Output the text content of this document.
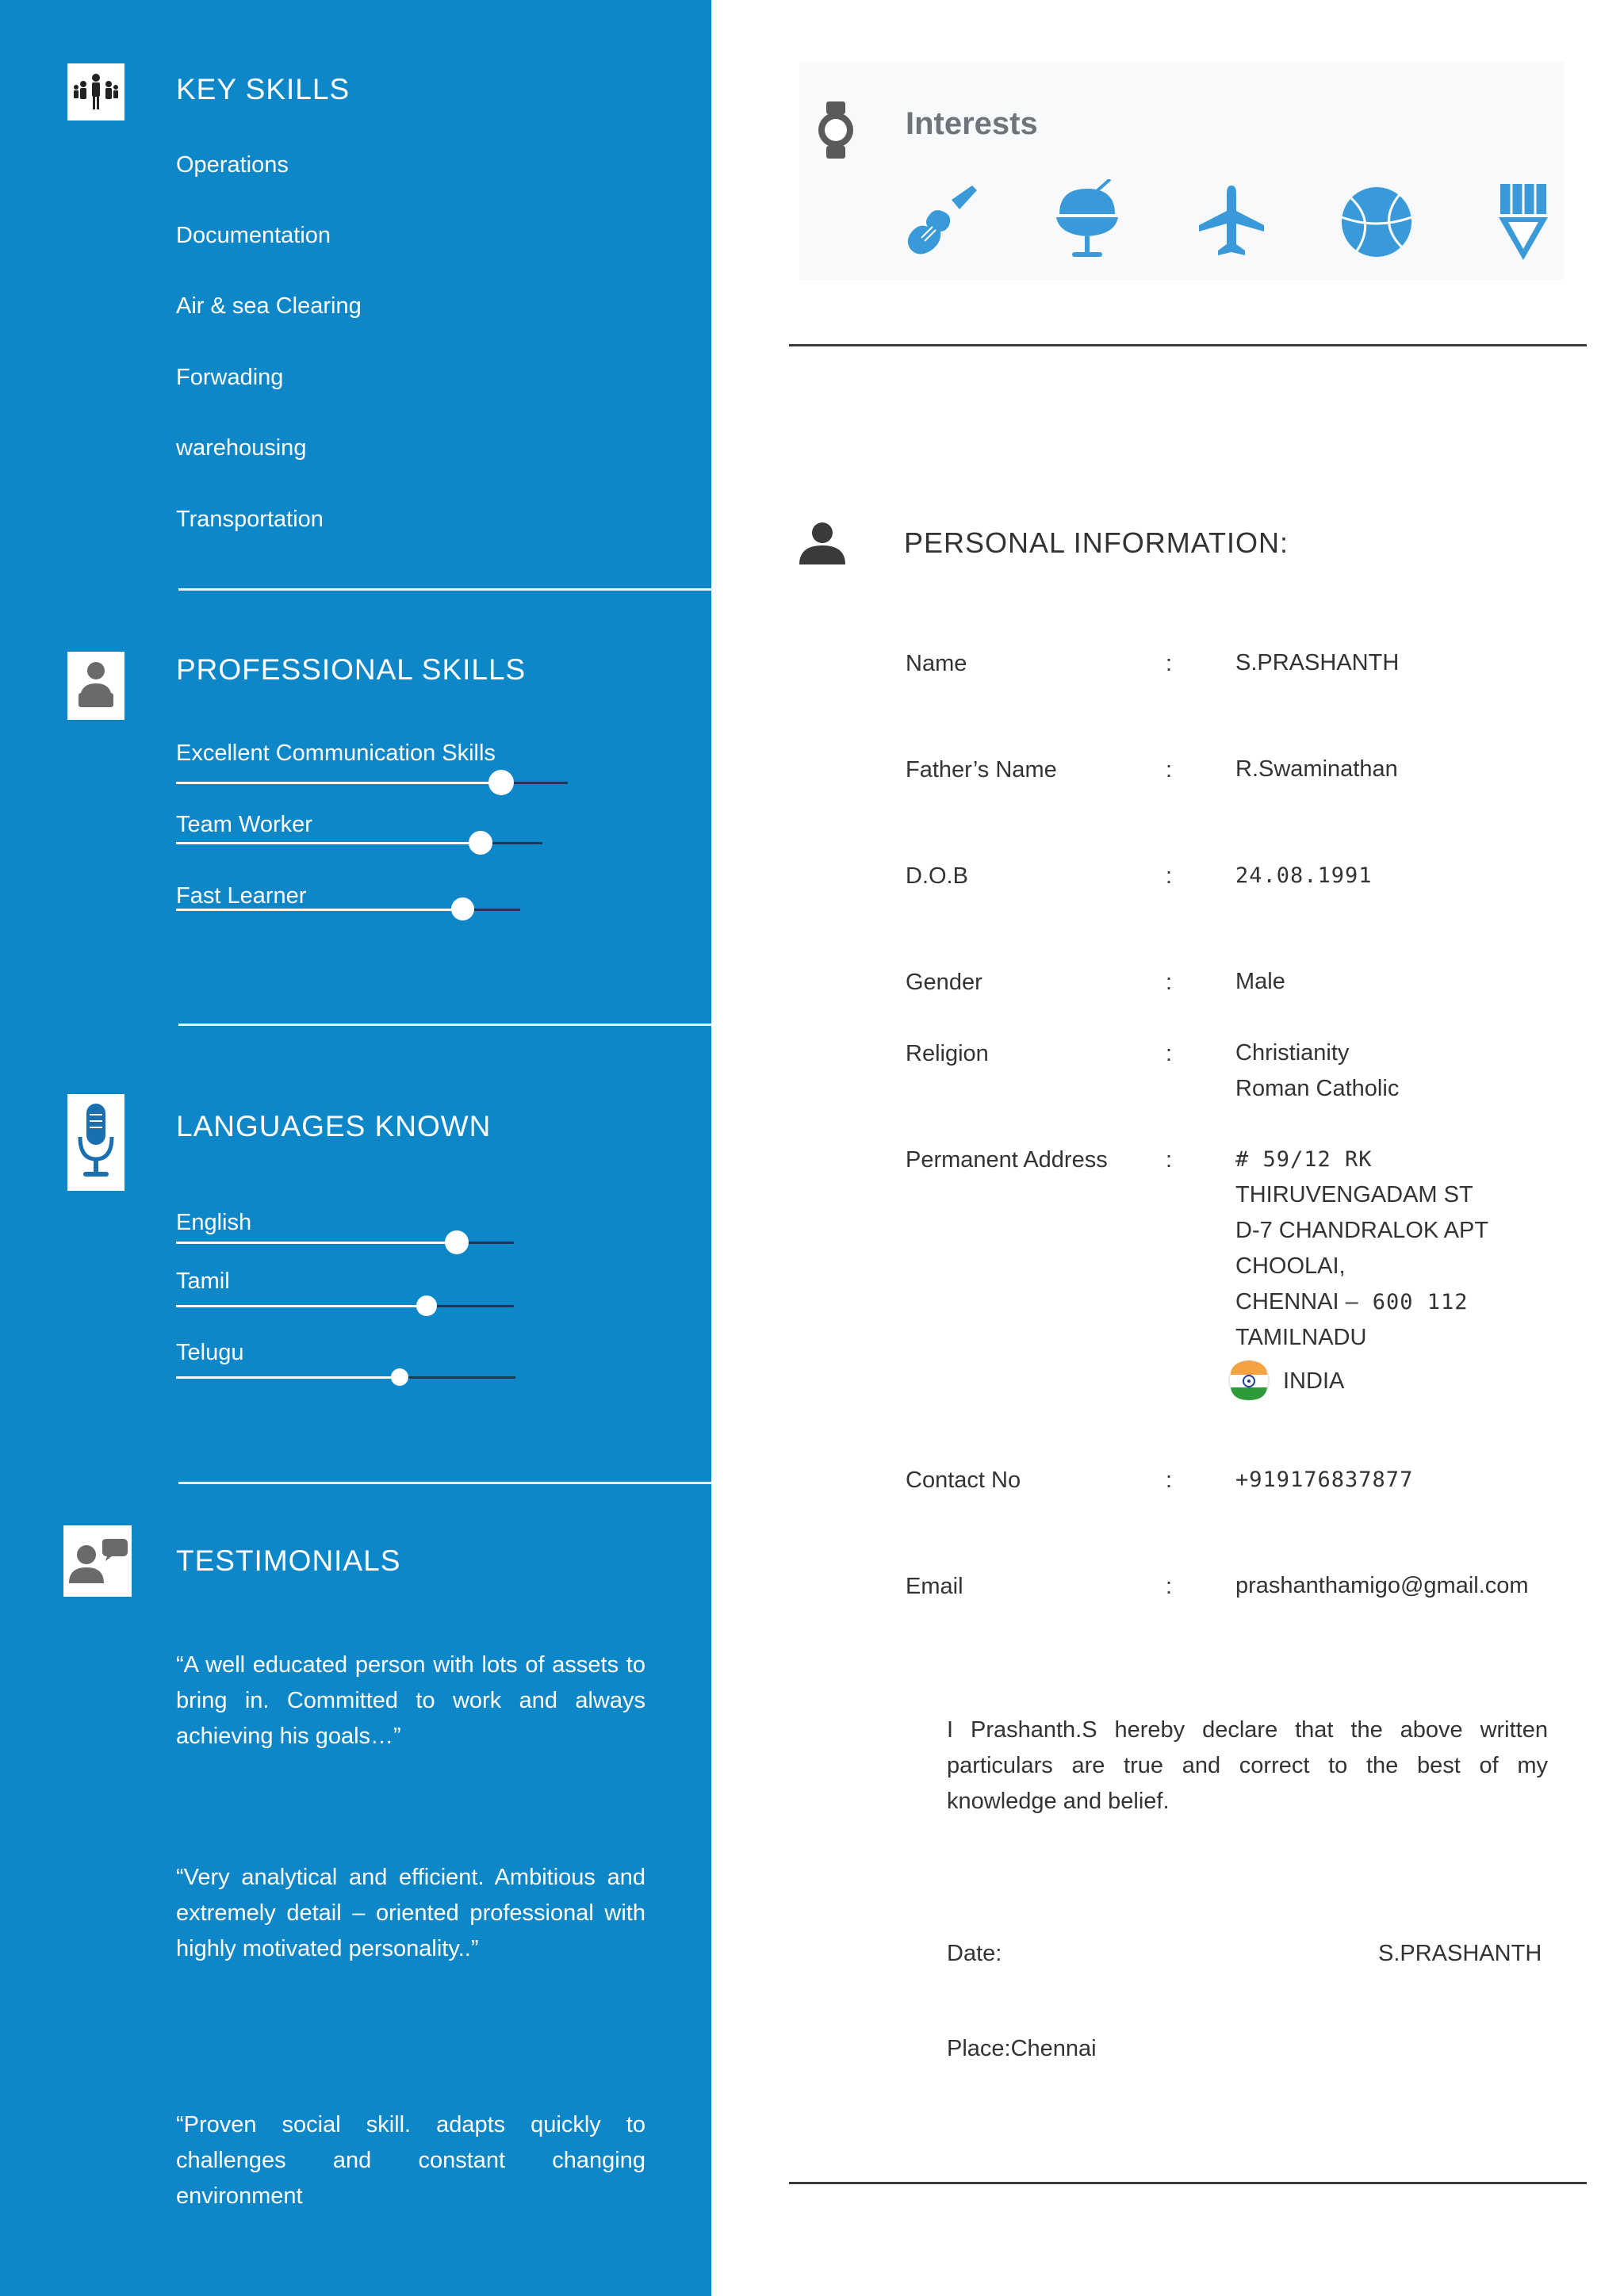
KEY SKILLS
Operations
Documentation
Air & sea Clearing
Forwading
warehousing
Transportation
PROFESSIONAL SKILLS
Excellent Communication Skills
Team Worker
Fast Learner
LANGUAGES KNOWN
English
Tamil
Telugu
TESTIMONIALS
“A well educated person with lots of assets to bring in. Committed to work and always achieving his goals…”
“Very analytical and efficient. Ambitious and extremely detail – oriented professional with highly motivated personality..”
“Proven social skill. adapts quickly to challenges and constant changing environment
Interests
PERSONAL INFORMATION:
Name	:	S.PRASHANTH
Father’s Name	:	R.Swaminathan
D.O.B	:	24.08.1991
Gender	:	Male
Religion	:	Christianity
Roman Catholic
Permanent Address	:	# 59/12 RK
THIRUVENGADAM ST
D-7 CHANDRALOK APT
CHOOLAI,
CHENNAI – 600 112
TAMILNADU
INDIA
Contact No	:	+919176837877
Email	:	prashanthamigo@gmail.com
I Prashanth.S hereby declare that the above written particulars are true and correct to the best of my knowledge and belief.
Date:	S.PRASHANTH
Place:Chennai
